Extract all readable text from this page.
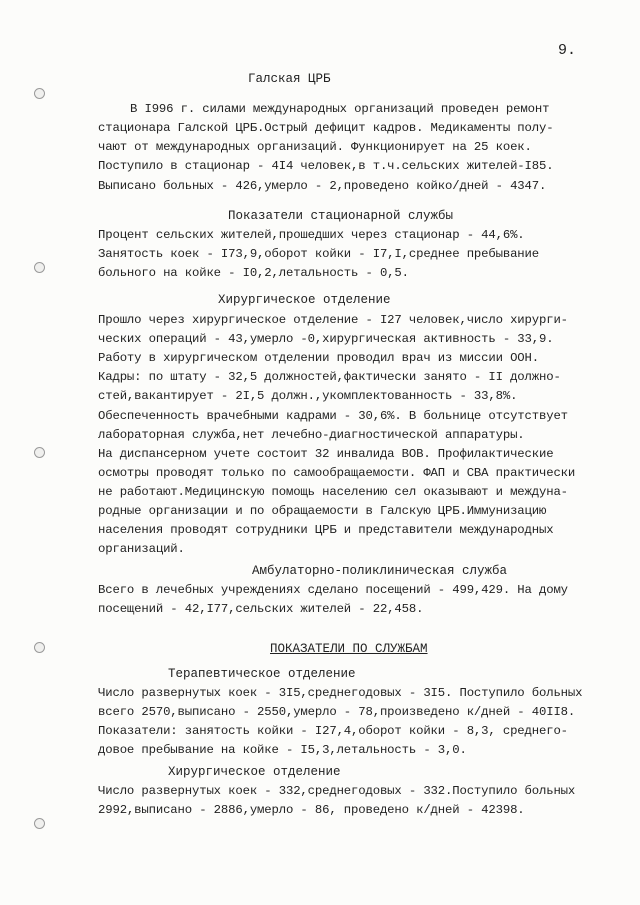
9.
Галская ЦРБ
В I996 г. силами международных организаций проведен ремонт
стационара Галской ЦРБ.Острый дефицит кадров. Медикаменты полу-
чают от международных организаций. Функционирует на 25 коек.
Поступило в стационар - 4I4 человек,в т.ч.сельских жителей-I85.
Выписано больных - 426,умерло - 2,проведено койко/дней - 4347.
Показатели стационарной службы
Процент сельских жителей,прошедших через стационар - 44,6%.
Занятость коек - I73,9,оборот койки - I7,I,среднее пребывание
больного на койке - I0,2,летальность - 0,5.
Хирургическое отделение
Прошло через хирургическое отделение - I27 человек,число хирурги-
ческих операций - 43,умерло -0,хирургическая активность - 33,9.
Работу в хирургическом отделении проводил врач из миссии ООН.
Кадры: по штату - 32,5 должностей,фактически занято - II должно-
стей,вакантирует - 2I,5 должн.,укомплектованность - 33,8%.
Обеспеченность врачебными кадрами - 30,6%. В больнице отсутствует
лабораторная служба,нет лечебно-диагностической аппаратуры.
На диспансерном учете состоит 32 инвалида ВОВ. Профилактические
осмотры проводят только по самообращаемости. ФАП и СВА практически
не работают.Медицинскую помощь населению сел оказывают и междуна-
родные организации и по обращаемости в Галскую ЦРБ.Иммунизацию
населения проводят сотрудники ЦРБ и представители международных
организаций.
Амбулаторно-поликлиническая служба
Всего в лечебных учреждениях сделано посещений - 499,429. На дому
посещений - 42,I77,сельских жителей - 22,458.
ПОКАЗАТЕЛИ ПО СЛУЖБАМ
Терапевтическое отделение
Число развернутых коек - 3I5,среднегодовых - 3I5. Поступило больных
всего 2570,выписано - 2550,умерло - 78,произведено к/дней - 40II8.
Показатели: занятость койки - I27,4,оборот койки - 8,3, среднего-
довое пребывание на койке - I5,3,летальность - 3,0.
Хирургическое отделение
Число развернутых коек - 332,среднегодовых - 332.Поступило больных
2992,выписано - 2886,умерло - 86, проведено к/дней - 42398.
